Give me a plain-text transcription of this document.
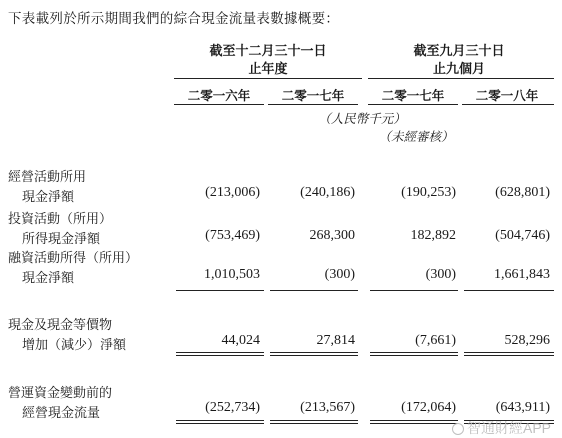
下表載列於所示期間我們的綜合現金流量表數據概要：
截至十二月三十一日
止年度
截至九月三十日
止九個月
二零一六年	二零一七年	二零一七年	二零一八年
（人民幣千元）
（未經審核）
經營活動所用
現金淨額	(213,006)	(240,186)	(190,253)	(628,801)
投資活動（所用）
所得現金淨額	(753,469)	268,300	182,892	(504,746)
融資活動所得（所用）
現金淨額	1,010,503	(300)	(300)	1,661,843
現金及現金等價物
增加（減少）淨額	44,024	27,814	(7,661)	528,296
營運資金變動前的
經營現金流量	(252,734)	(213,567)	(172,064)	(643,911)
智通財經APP
